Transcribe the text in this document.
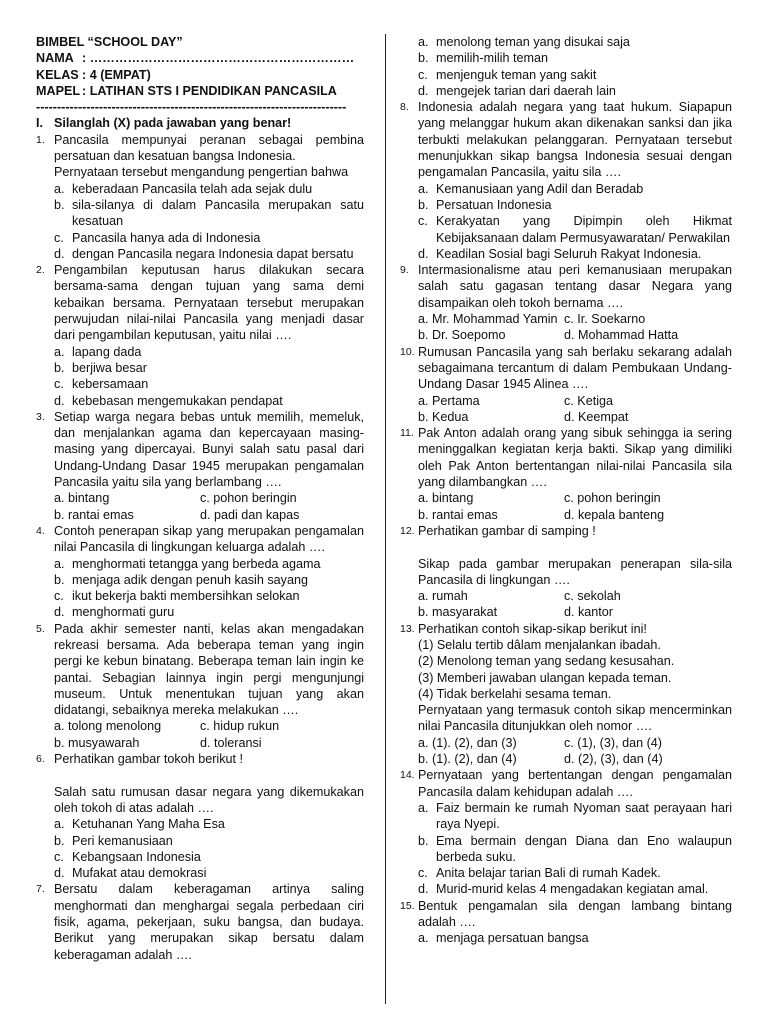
BIMBEL “SCHOOL DAY”
NAMA : ………………………………………………………
KELAS : 4 (EMPAT)
MAPEL : LATIHAN STS I PENDIDIKAN PANCASILA
--------------------------------------------------------------------------
I. Silanglah (X) pada jawaban yang benar!
1. Pancasila mempunyai peranan sebagai pembina persatuan dan kesatuan bangsa Indonesia.
Pernyataan tersebut mengandung pengertian bahwa
a. keberadaan Pancasila telah ada sejak dulu
b. sila-silanya di dalam Pancasila merupakan satu kesatuan
c. Pancasila hanya ada di Indonesia
d. dengan Pancasila negara Indonesia dapat bersatu
2. Pengambilan keputusan harus dilakukan secara bersama-sama dengan tujuan yang sama demi kebaikan bersama. Pernyataan tersebut merupakan perwujudan nilai-nilai Pancasila yang menjadi dasar dari pengambilan keputusan, yaitu nilai ….
a. lapang dada
b. berjiwa besar
c. kebersamaan
d. kebebasan mengemukakan pendapat
3. Setiap warga negara bebas untuk memilih, memeluk, dan menjalankan agama dan kepercayaan masing-masing yang dipercayai. Bunyi salah satu pasal dari Undang-Undang Dasar 1945 merupakan pengamalan Pancasila yaitu sila yang berlambang ….
a. bintang	c. pohon beringin
b. rantai emas	d. padi dan kapas
4. Contoh penerapan sikap yang merupakan pengamalan nilai Pancasila di lingkungan keluarga adalah ….
a. menghormati tetangga yang berbeda agama
b. menjaga adik dengan penuh kasih sayang
c. ikut bekerja bakti membersihkan selokan
d. menghormati guru
5. Pada akhir semester nanti, kelas akan mengadakan rekreasi bersama. Ada beberapa teman yang ingin pergi ke kebun binatang. Beberapa teman lain ingin ke pantai. Sebagian lainnya ingin pergi mengunjungi museum. Untuk menentukan tujuan yang akan didatangi, sebaiknya mereka melakukan ….
a. tolong menolong	c. hidup rukun
b. musyawarah	d. toleransi
6. Perhatikan gambar tokoh berikut !
Salah satu rumusan dasar negara yang dikemukakan oleh tokoh di atas adalah ….
a. Ketuhanan Yang Maha Esa
b. Peri kemanusiaan
c. Kebangsaan Indonesia
d. Mufakat atau demokrasi
7. Bersatu dalam keberagaman artinya saling menghormati dan menghargai segala perbedaan ciri fisik, agama, pekerjaan, suku bangsa, dan budaya. Berikut yang merupakan sikap bersatu dalam keberagaman adalah ….
a. menolong teman yang disukai saja
b. memilih-milih teman
c. menjenguk teman yang sakit
d. mengejek tarian dari daerah lain
8. Indonesia adalah negara yang taat hukum. Siapapun yang melanggar hukum akan dikenakan sanksi dan jika terbukti melakukan pelanggaran. Pernyataan tersebut menunjukkan sikap bangsa Indonesia sesuai dengan pengamalan Pancasila, yaitu sila ….
a. Kemanusiaan yang Adil dan Beradab
b. Persatuan Indonesia
c. Kerakyatan yang Dipimpin oleh Hikmat Kebijaksanaan dalam Permusyawaratan/ Perwakilan
d. Keadilan Sosial bagi Seluruh Rakyat Indonesia.
9. Intermasionalisme atau peri kemanusiaan merupakan salah satu gagasan tentang dasar Negara yang disampaikan oleh tokoh bernama ….
a. Mr. Mohammad Yamin c. Ir. Soekarno
b. Dr. Soepomo	d. Mohammad Hatta
10. Rumusan Pancasila yang sah berlaku sekarang adalah sebagaimana tercantum di dalam Pembukaan Undang-Undang Dasar 1945 Alinea ….
a. Pertama	c. Ketiga
b. Kedua	d. Keempat
11. Pak Anton adalah orang yang sibuk sehingga ia sering meninggalkan kegiatan kerja bakti. Sikap yang dimiliki oleh Pak Anton bertentangan nilai-nilai Pancasila sila yang dilambangkan ….
a. bintang	c. pohon beringin
b. rantai emas	d. kepala banteng
12. Perhatikan gambar di samping !
Sikap pada gambar merupakan penerapan sila-sila Pancasila di lingkungan ….
a. rumah	c. sekolah
b. masyarakat	d. kantor
13. Perhatikan contoh sikap-sikap berikut ini!
(1) Selalu tertib dâlam menjalankan ibadah.
(2) Menolong teman yang sedang kesusahan.
(3) Memberi jawaban ulangan kepada teman.
(4) Tidak berkelahi sesama teman.
Pernyataan yang termasuk contoh sikap mencerminkan nilai Pancasila ditunjukkan oleh nomor ….
a. (1). (2), dan (3)	c. (1), (3), dan (4)
b. (1). (2), dan (4)	d. (2), (3), dan (4)
14. Pernyataan yang bertentangan dengan pengamalan Pancasila dalam kehidupan adalah ….
a. Faiz bermain ke rumah Nyoman saat perayaan hari raya Nyepi.
b. Ema bermain dengan Diana dan Eno walaupun berbeda suku.
c. Anita belajar tarian Bali di rumah Kadek.
d. Murid-murid kelas 4 mengadakan kegiatan amal.
15. Bentuk pengamalan sila dengan lambang bintang adalah ….
a. menjaga persatuan bangsa
